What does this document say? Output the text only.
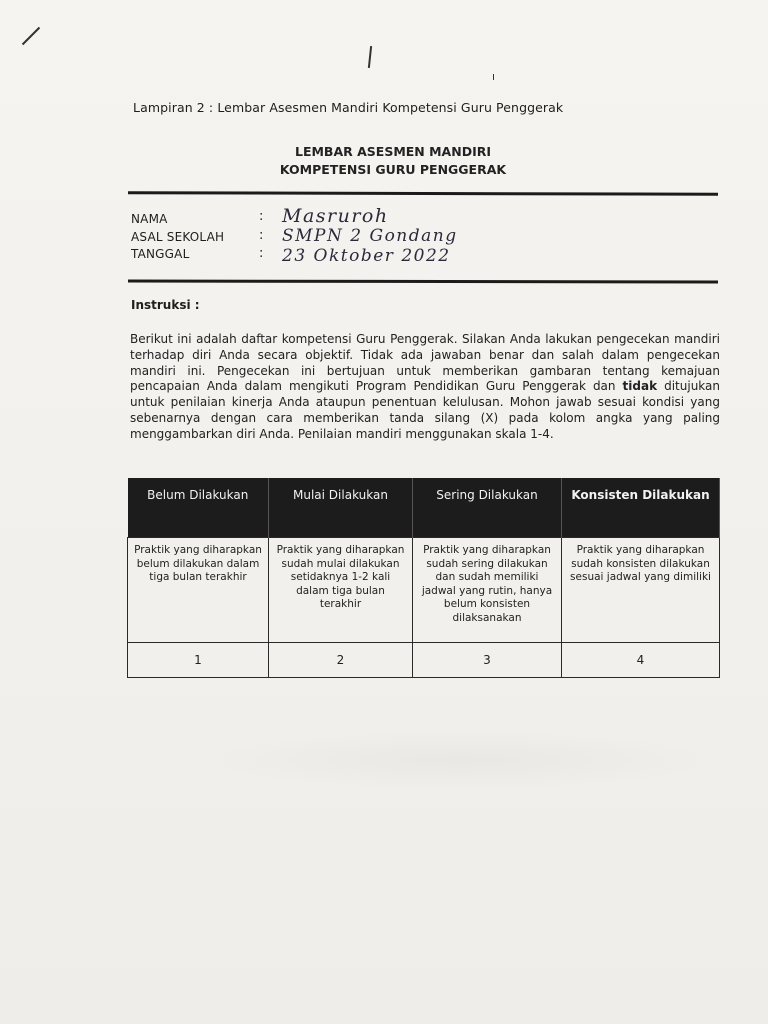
Lampiran 2 : Lembar Asesmen Mandiri Kompetensi Guru Penggerak
LEMBAR ASESMEN MANDIRI
KOMPETENSI GURU PENGGERAK
NAMA	: Masruroh
ASAL SEKOLAH	: SMPN 2 Gondang
TANGGAL	: 23 Oktober 2022
Instruksi :
Berikut ini adalah daftar kompetensi Guru Penggerak. Silakan Anda lakukan pengecekan mandiri terhadap diri Anda secara objektif. Tidak ada jawaban benar dan salah dalam pengecekan mandiri ini. Pengecekan ini bertujuan untuk memberikan gambaran tentang kemajuan pencapaian Anda dalam mengikuti Program Pendidikan Guru Penggerak dan tidak ditujukan untuk penilaian kinerja Anda ataupun penentuan kelulusan. Mohon jawab sesuai kondisi yang sebenarnya dengan cara memberikan tanda silang (X) pada kolom angka yang paling menggambarkan diri Anda. Penilaian mandiri menggunakan skala 1-4.
Belum Dilakukan	Mulai Dilakukan	Sering Dilakukan	Konsisten Dilakukan
Praktik yang diharapkan belum dilakukan dalam tiga bulan terakhir	Praktik yang diharapkan sudah mulai dilakukan setidaknya 1-2 kali dalam tiga bulan terakhir	Praktik yang diharapkan sudah sering dilakukan dan sudah memiliki jadwal yang rutin, hanya belum konsisten dilaksanakan	Praktik yang diharapkan sudah konsisten dilakukan sesuai jadwal yang dimiliki
1	2	3	4
